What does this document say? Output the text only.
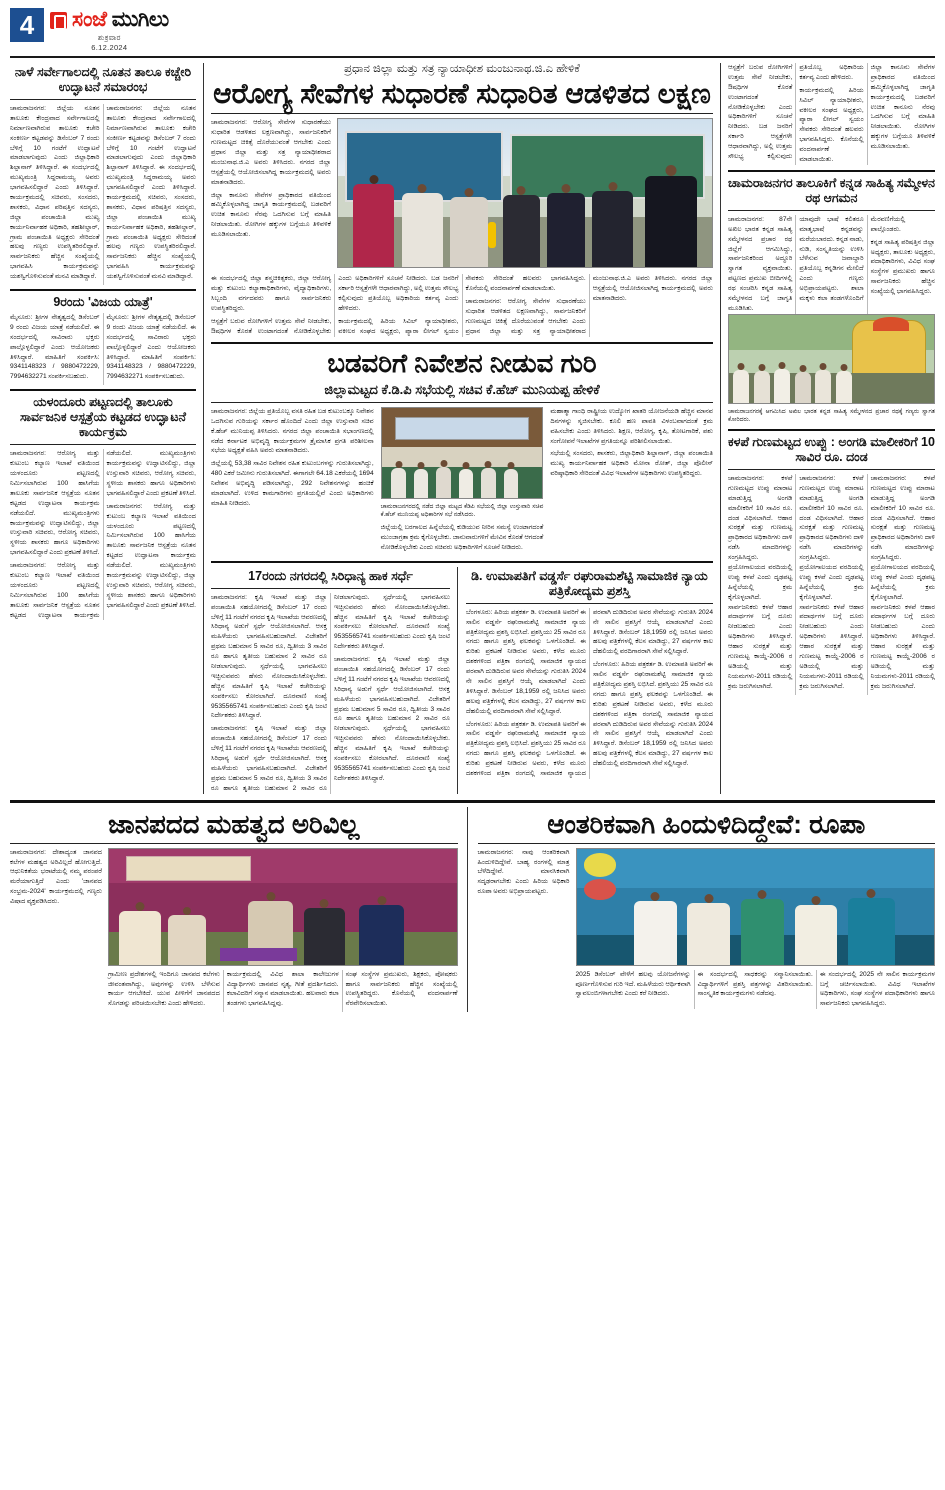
4	ಸಂಜೆ ಮುಗಿಲು
ಶುಕ್ರವಾರ
6.12.2024
ನಾಳೆ ಸರ್ವೇಗಾಲದಲ್ಲಿ ನೂತನ ತಾಲೂ ಕಚ್ಚೇರಿ ಉದ್ಘಾಟನೆ ಸಮಾರಂಭ

ಚಾಮರಾಜನಗರ: ಜಿಲ್ಲೆಯ ನೂತನ ತಾಲೂಕು ಕೇಂದ್ರವಾದ ಸರ್ವೇಗಾಲದಲ್ಲಿ ನಿರ್ಮಾಣವಾಗಿರುವ ತಾಲೂಕು ಕಚೇರಿ ಸಂಕೀರ್ಣ ಕಟ್ಟಡವನ್ನು ಡಿಸೆಂಬರ್ 7 ರಂದು ಬೆಳಿಗ್ಗೆ 10 ಗಂಟೆಗೆ ಉದ್ಘಾಟನೆ ಮಾಡಲಾಗುವುದು ಎಂದು ಜಿಲ್ಲಾಧಿಕಾರಿ ಶಿಲ್ಪಾನಾಗ್ ತಿಳಿಸಿದ್ದಾರೆ. ಈ ಸಂದರ್ಭದಲ್ಲಿ ಮುಖ್ಯಮಂತ್ರಿ ಸಿದ್ದರಾಮಯ್ಯ ಅವರು ಭಾಗವಹಿಸಲಿದ್ದಾರೆ ಎಂದು ತಿಳಿಸಿದ್ದಾರೆ. ಕಾರ್ಯಕ್ರಮದಲ್ಲಿ ಸಚಿವರು, ಸಂಸದರು, ಶಾಸಕರು, ವಿಧಾನ ಪರಿಷತ್ತಿನ ಸದಸ್ಯರು, ಜಿಲ್ಲಾ ಪಂಚಾಯಿತಿ ಮುಖ್ಯ ಕಾರ್ಯನಿರ್ವಾಹಕ ಅಧಿಕಾರಿ, ತಹಶೀಲ್ದಾರ್, ಗ್ರಾಮ ಪಂಚಾಯಿತಿ ಅಧ್ಯಕ್ಷರು ಸೇರಿದಂತೆ ಹಲವು ಗಣ್ಯರು ಉಪಸ್ಥಿತರಿರಲಿದ್ದಾರೆ. ಸಾರ್ವಜನಿಕರು ಹೆಚ್ಚಿನ ಸಂಖ್ಯೆಯಲ್ಲಿ ಭಾಗವಹಿಸಿ ಕಾರ್ಯಕ್ರಮವನ್ನು ಯಶಸ್ವಿಗೊಳಿಸುವಂತೆ ಮನವಿ ಮಾಡಿದ್ದಾರೆ.

ಚಾಮರಾಜನಗರ: ಜಿಲ್ಲೆಯ ನೂತನ ತಾಲೂಕು ಕೇಂದ್ರವಾದ ಸರ್ವೇಗಾಲದಲ್ಲಿ ನಿರ್ಮಾಣವಾಗಿರುವ ತಾಲೂಕು ಕಚೇರಿ ಸಂಕೀರ್ಣ ಕಟ್ಟಡವನ್ನು ಡಿಸೆಂಬರ್ 7 ರಂದು ಬೆಳಿಗ್ಗೆ 10 ಗಂಟೆಗೆ ಉದ್ಘಾಟನೆ ಮಾಡಲಾಗುವುದು ಎಂದು ಜಿಲ್ಲಾಧಿಕಾರಿ ಶಿಲ್ಪಾನಾಗ್ ತಿಳಿಸಿದ್ದಾರೆ. ಈ ಸಂದರ್ಭದಲ್ಲಿ ಮುಖ್ಯಮಂತ್ರಿ ಸಿದ್ದರಾಮಯ್ಯ ಅವರು ಭಾಗವಹಿಸಲಿದ್ದಾರೆ ಎಂದು ತಿಳಿಸಿದ್ದಾರೆ. ಕಾರ್ಯಕ್ರಮದಲ್ಲಿ ಸಚಿವರು, ಸಂಸದರು, ಶಾಸಕರು, ವಿಧಾನ ಪರಿಷತ್ತಿನ ಸದಸ್ಯರು, ಜಿಲ್ಲಾ ಪಂಚಾಯಿತಿ ಮುಖ್ಯ ಕಾರ್ಯನಿರ್ವಾಹಕ ಅಧಿಕಾರಿ, ತಹಶೀಲ್ದಾರ್, ಗ್ರಾಮ ಪಂಚಾಯಿತಿ ಅಧ್ಯಕ್ಷರು ಸೇರಿದಂತೆ ಹಲವು ಗಣ್ಯರು ಉಪಸ್ಥಿತರಿರಲಿದ್ದಾರೆ. ಸಾರ್ವಜನಿಕರು ಹೆಚ್ಚಿನ ಸಂಖ್ಯೆಯಲ್ಲಿ ಭಾಗವಹಿಸಿ ಕಾರ್ಯಕ್ರಮವನ್ನು ಯಶಸ್ವಿಗೊಳಿಸುವಂತೆ ಮನವಿ ಮಾಡಿದ್ದಾರೆ.

9ರಂದು 'ವಿಜಯ ಯಾತ್ರೆ'

ಮೈಸೂರು: ಶ್ರೀಗಳ ನೇತೃತ್ವದಲ್ಲಿ ಡಿಸೆಂಬರ್ 9 ರಂದು ವಿಜಯ ಯಾತ್ರೆ ನಡೆಯಲಿದೆ. ಈ ಸಂದರ್ಭದಲ್ಲಿ ಸಾವಿರಾರು ಭಕ್ತರು ಪಾಲ್ಗೊಳ್ಳಲಿದ್ದಾರೆ ಎಂದು ಆಯೋಜಕರು ತಿಳಿಸಿದ್ದಾರೆ. ಮಾಹಿತಿಗೆ ಸಂಪರ್ಕಿಸಿ: 9341148323 / 9880472229, 7994632271 ಸಂಪರ್ಕಿಸಬಹುದು.

ಮೈಸೂರು: ಶ್ರೀಗಳ ನೇತೃತ್ವದಲ್ಲಿ ಡಿಸೆಂಬರ್ 9 ರಂದು ವಿಜಯ ಯಾತ್ರೆ ನಡೆಯಲಿದೆ. ಈ ಸಂದರ್ಭದಲ್ಲಿ ಸಾವಿರಾರು ಭಕ್ತರು ಪಾಲ್ಗೊಳ್ಳಲಿದ್ದಾರೆ ಎಂದು ಆಯೋಜಕರು ತಿಳಿಸಿದ್ದಾರೆ. ಮಾಹಿತಿಗೆ ಸಂಪರ್ಕಿಸಿ: 9341148323 / 9880472229, 7994632271 ಸಂಪರ್ಕಿಸಬಹುದು.

ಯಳಂದೂರು ಪಟ್ಟಣದಲ್ಲಿ ತಾಲೂಕು ಸಾರ್ವಜನಿಕ ಆಸ್ಪತ್ರೆಯ ಕಟ್ಟಡದ ಉದ್ಘಾಟನೆ ಕಾರ್ಯಕ್ರಮ

ಚಾಮರಾಜನಗರ: ಆರೋಗ್ಯ ಮತ್ತು ಕುಟುಂಬ ಕಲ್ಯಾಣ ಇಲಾಖೆ ವತಿಯಿಂದ ಯಳಂದೂರು ಪಟ್ಟಣದಲ್ಲಿ ನಿರ್ಮಿಸಲಾಗಿರುವ 100 ಹಾಸಿಗೆಯ ತಾಲೂಕು ಸಾರ್ವಜನಿಕ ಆಸ್ಪತ್ರೆಯ ನೂತನ ಕಟ್ಟಡದ ಉದ್ಘಾಟನಾ ಕಾರ್ಯಕ್ರಮ ನಡೆಯಲಿದೆ. ಮುಖ್ಯಮಂತ್ರಿಗಳು ಕಾರ್ಯಕ್ರಮವನ್ನು ಉದ್ಘಾಟಿಸಲಿದ್ದು, ಜಿಲ್ಲಾ ಉಸ್ತುವಾರಿ ಸಚಿವರು, ಆರೋಗ್ಯ ಸಚಿವರು, ಸ್ಥಳೀಯ ಶಾಸಕರು ಹಾಗೂ ಅಧಿಕಾರಿಗಳು ಭಾಗವಹಿಸಲಿದ್ದಾರೆ ಎಂದು ಪ್ರಕಟಣೆ ತಿಳಿಸಿದೆ.

ಚಾಮರಾಜನಗರ: ಆರೋಗ್ಯ ಮತ್ತು ಕುಟುಂಬ ಕಲ್ಯಾಣ ಇಲಾಖೆ ವತಿಯಿಂದ ಯಳಂದೂರು ಪಟ್ಟಣದಲ್ಲಿ ನಿರ್ಮಿಸಲಾಗಿರುವ 100 ಹಾಸಿಗೆಯ ತಾಲೂಕು ಸಾರ್ವಜನಿಕ ಆಸ್ಪತ್ರೆಯ ನೂತನ ಕಟ್ಟಡದ ಉದ್ಘಾಟನಾ ಕಾರ್ಯಕ್ರಮ ನಡೆಯಲಿದೆ. ಮುಖ್ಯಮಂತ್ರಿಗಳು ಕಾರ್ಯಕ್ರಮವನ್ನು ಉದ್ಘಾಟಿಸಲಿದ್ದು, ಜಿಲ್ಲಾ ಉಸ್ತುವಾರಿ ಸಚಿವರು, ಆರೋಗ್ಯ ಸಚಿವರು, ಸ್ಥಳೀಯ ಶಾಸಕರು ಹಾಗೂ ಅಧಿಕಾರಿಗಳು ಭಾಗವಹಿಸಲಿದ್ದಾರೆ ಎಂದು ಪ್ರಕಟಣೆ ತಿಳಿಸಿದೆ.

ಚಾಮರಾಜನಗರ: ಆರೋಗ್ಯ ಮತ್ತು ಕುಟುಂಬ ಕಲ್ಯಾಣ ಇಲಾಖೆ ವತಿಯಿಂದ ಯಳಂದೂರು ಪಟ್ಟಣದಲ್ಲಿ ನಿರ್ಮಿಸಲಾಗಿರುವ 100 ಹಾಸಿಗೆಯ ತಾಲೂಕು ಸಾರ್ವಜನಿಕ ಆಸ್ಪತ್ರೆಯ ನೂತನ ಕಟ್ಟಡದ ಉದ್ಘಾಟನಾ ಕಾರ್ಯಕ್ರಮ ನಡೆಯಲಿದೆ. ಮುಖ್ಯಮಂತ್ರಿಗಳು ಕಾರ್ಯಕ್ರಮವನ್ನು ಉದ್ಘಾಟಿಸಲಿದ್ದು, ಜಿಲ್ಲಾ ಉಸ್ತುವಾರಿ ಸಚಿವರು, ಆರೋಗ್ಯ ಸಚಿವರು, ಸ್ಥಳೀಯ ಶಾಸಕರು ಹಾಗೂ ಅಧಿಕಾರಿಗಳು ಭಾಗವಹಿಸಲಿದ್ದಾರೆ ಎಂದು ಪ್ರಕಟಣೆ ತಿಳಿಸಿದೆ.

ಪ್ರಧಾನ ಜಿಲ್ಲಾ ಮತ್ತು ಸತ್ರ ನ್ಯಾಯಾಧೀಶ ಮಂಜುನಾಥ.ಜಿ.ಎ ಹೇಳಿಕೆ
ಆರೋಗ್ಯ ಸೇವೆಗಳ ಸುಧಾರಣೆ ಸುಧಾರಿತ ಆಡಳಿತದ ಲಕ್ಷಣ

ಚಾಮರಾಜನಗರ: ಆರೋಗ್ಯ ಸೇವೆಗಳ ಸುಧಾರಣೆಯು ಸುಧಾರಿತ ಆಡಳಿತದ ಲಕ್ಷಣವಾಗಿದ್ದು, ಸಾರ್ವಜನಿಕರಿಗೆ ಗುಣಮಟ್ಟದ ಚಿಕಿತ್ಸೆ ದೊರೆಯುವಂತೆ ಆಗಬೇಕು ಎಂದು ಪ್ರಧಾನ ಜಿಲ್ಲಾ ಮತ್ತು ಸತ್ರ ನ್ಯಾಯಾಧೀಶರಾದ ಮಂಜುನಾಥ.ಜಿ.ಎ ಅವರು ತಿಳಿಸಿದರು. ನಗರದ ಜಿಲ್ಲಾ ಆಸ್ಪತ್ರೆಯಲ್ಲಿ ಆಯೋಜಿಸಲಾಗಿದ್ದ ಕಾರ್ಯಕ್ರಮದಲ್ಲಿ ಅವರು ಮಾತನಾಡಿದರು.

ಜಿಲ್ಲಾ ಕಾನೂನು ಸೇವೆಗಳ ಪ್ರಾಧಿಕಾರದ ವತಿಯಿಂದ ಹಮ್ಮಿಕೊಳ್ಳಲಾಗಿದ್ದ ಜಾಗೃತಿ ಕಾರ್ಯಕ್ರಮದಲ್ಲಿ ಬಡವರಿಗೆ ಉಚಿತ ಕಾನೂನು ನೆರವು ಒದಗಿಸುವ ಬಗ್ಗೆ ಮಾಹಿತಿ ನೀಡಲಾಯಿತು. ರೋಗಿಗಳ ಹಕ್ಕುಗಳ ಬಗ್ಗೆಯೂ ತಿಳಿವಳಿಕೆ ಮೂಡಿಸಲಾಯಿತು.

ಈ ಸಂದರ್ಭದಲ್ಲಿ ಜಿಲ್ಲಾ ಶಸ್ತ್ರಚಿಕಿತ್ಸಕರು, ಜಿಲ್ಲಾ ಆರೋಗ್ಯ ಮತ್ತು ಕುಟುಂಬ ಕಲ್ಯಾಣಾಧಿಕಾರಿಗಳು, ವೈದ್ಯಾಧಿಕಾರಿಗಳು, ಸಿಬ್ಬಂದಿ ವರ್ಗದವರು ಹಾಗೂ ಸಾರ್ವಜನಿಕರು ಉಪಸ್ಥಿತರಿದ್ದರು.

ಆಸ್ಪತ್ರೆಗೆ ಬರುವ ರೋಗಿಗಳಿಗೆ ಉತ್ತಮ ಸೇವೆ ನೀಡಬೇಕು, ಔಷಧಿಗಳ ಕೊರತೆ ಉಂಟಾಗದಂತೆ ನೋಡಿಕೊಳ್ಳಬೇಕು ಎಂದು ಅಧಿಕಾರಿಗಳಿಗೆ ಸೂಚನೆ ನೀಡಿದರು. ಬಡ ಜನರಿಗೆ ಸರ್ಕಾರಿ ಆಸ್ಪತ್ರೆಗಳೇ ಆಧಾರವಾಗಿದ್ದು, ಅಲ್ಲಿ ಉತ್ತಮ ಸೌಲಭ್ಯ ಕಲ್ಪಿಸುವುದು ಪ್ರತಿಯೊಬ್ಬ ಅಧಿಕಾರಿಯ ಕರ್ತವ್ಯ ಎಂದು ಹೇಳಿದರು.

ಕಾರ್ಯಕ್ರಮದಲ್ಲಿ ಹಿರಿಯ ಸಿವಿಲ್ ನ್ಯಾಯಾಧೀಶರು, ವಕೀಲರ ಸಂಘದ ಅಧ್ಯಕ್ಷರು, ಪ್ಯಾರಾ ಲೀಗಲ್ ಸ್ವಯಂ ಸೇವಕರು ಸೇರಿದಂತೆ ಹಲವರು ಭಾಗವಹಿಸಿದ್ದರು. ಕೊನೆಯಲ್ಲಿ ವಂದನಾರ್ಪಣೆ ಮಾಡಲಾಯಿತು.

ಚಾಮರಾಜನಗರ: ಆರೋಗ್ಯ ಸೇವೆಗಳ ಸುಧಾರಣೆಯು ಸುಧಾರಿತ ಆಡಳಿತದ ಲಕ್ಷಣವಾಗಿದ್ದು, ಸಾರ್ವಜನಿಕರಿಗೆ ಗುಣಮಟ್ಟದ ಚಿಕಿತ್ಸೆ ದೊರೆಯುವಂತೆ ಆಗಬೇಕು ಎಂದು ಪ್ರಧಾನ ಜಿಲ್ಲಾ ಮತ್ತು ಸತ್ರ ನ್ಯಾಯಾಧೀಶರಾದ ಮಂಜುನಾಥ.ಜಿ.ಎ ಅವರು ತಿಳಿಸಿದರು. ನಗರದ ಜಿಲ್ಲಾ ಆಸ್ಪತ್ರೆಯಲ್ಲಿ ಆಯೋಜಿಸಲಾಗಿದ್ದ ಕಾರ್ಯಕ್ರಮದಲ್ಲಿ ಅವರು ಮಾತನಾಡಿದರು.

ಬಡವರಿಗೆ ನಿವೇಶನ ನೀಡುವ ಗುರಿ
ಜಿಲ್ಲಾಮಟ್ಟದ ಕೆ.ಡಿ.ಪಿ ಸಭೆಯಲ್ಲಿ ಸಚಿವ ಕೆ.ಹೆಚ್ ಮುನಿಯಪ್ಪ ಹೇಳಿಕೆ

ಚಾಮರಾಜನಗರ: ಜಿಲ್ಲೆಯ ಪ್ರತಿಯೊಬ್ಬ ವಸತಿ ರಹಿತ ಬಡ ಕುಟುಂಬಕ್ಕೂ ನಿವೇಶನ ಒದಗಿಸುವ ಗುರಿಯನ್ನು ಸರ್ಕಾರ ಹೊಂದಿದೆ ಎಂದು ಜಿಲ್ಲಾ ಉಸ್ತುವಾರಿ ಸಚಿವ ಕೆ.ಹೆಚ್ ಮುನಿಯಪ್ಪ ತಿಳಿಸಿದರು. ನಗರದ ಜಿಲ್ಲಾ ಪಂಚಾಯಿತಿ ಸಭಾಂಗಣದಲ್ಲಿ ನಡೆದ ಕರ್ನಾಟಕ ಅಭಿವೃದ್ಧಿ ಕಾರ್ಯಕ್ರಮಗಳ ತ್ರೈಮಾಸಿಕ ಪ್ರಗತಿ ಪರಿಶೀಲನಾ ಸಭೆಯ ಅಧ್ಯಕ್ಷತೆ ವಹಿಸಿ ಅವರು ಮಾತನಾಡಿದರು.

ಜಿಲ್ಲೆಯಲ್ಲಿ 53,38 ಸಾವಿರ ನಿವೇಶನ ರಹಿತ ಕುಟುಂಬಗಳನ್ನು ಗುರುತಿಸಲಾಗಿದ್ದು, 480 ಎಕರೆ ಜಮೀನು ಗುರುತಿಸಲಾಗಿದೆ. ಈಗಾಗಲೇ 64.18 ಎಕರೆಯಲ್ಲಿ 1694 ನಿವೇಶನ ಅಭಿವೃದ್ಧಿ ಪಡಿಸಲಾಗಿದ್ದು, 292 ನಿವೇಶನಗಳನ್ನು ಹಂಚಿಕೆ ಮಾಡಲಾಗಿದೆ. ಉಳಿದ ಕಾಮಗಾರಿಗಳು ಪ್ರಗತಿಯಲ್ಲಿವೆ ಎಂದು ಅಧಿಕಾರಿಗಳು ಮಾಹಿತಿ ನೀಡಿದರು.	ಚಾಮರಾಜನಗರದಲ್ಲಿ ನಡೆದ ಜಿಲ್ಲಾ ಮಟ್ಟದ ಕೆಡಿಪಿ ಸಭೆಯಲ್ಲಿ ಜಿಲ್ಲಾ ಉಸ್ತುವಾರಿ ಸಚಿವ ಕೆ.ಹೆಚ್ ಮುನಿಯಪ್ಪ ಅಧಿಕಾರಿಗಳ ಸಭೆ ನಡೆಸಿದರು.

ಜಿಲ್ಲೆಯಲ್ಲಿ ಬರಗಾಲದ ಹಿನ್ನೆಲೆಯಲ್ಲಿ ಕುಡಿಯುವ ನೀರಿನ ಸಮಸ್ಯೆ ಉಂಟಾಗದಂತೆ ಮುಂಜಾಗ್ರತಾ ಕ್ರಮ ಕೈಗೊಳ್ಳಬೇಕು. ಜಾನುವಾರುಗಳಿಗೆ ಮೇವಿನ ಕೊರತೆ ಆಗದಂತೆ ನೋಡಿಕೊಳ್ಳಬೇಕು ಎಂದು ಸಚಿವರು ಅಧಿಕಾರಿಗಳಿಗೆ ಸೂಚನೆ ನೀಡಿದರು.

ಮಹಾತ್ಮಾ ಗಾಂಧಿ ರಾಷ್ಟ್ರೀಯ ಉದ್ಯೋಗ ಖಾತರಿ ಯೋಜನೆಯಡಿ ಹೆಚ್ಚಿನ ಮಾನವ ದಿನಗಳನ್ನು ಸೃಜಿಸಬೇಕು. ಕೂಲಿ ಹಣ ಪಾವತಿ ವಿಳಂಬವಾಗದಂತೆ ಕ್ರಮ ವಹಿಸಬೇಕು ಎಂದು ತಿಳಿಸಿದರು. ಶಿಕ್ಷಣ, ಆರೋಗ್ಯ, ಕೃಷಿ, ತೋಟಗಾರಿಕೆ, ಪಶು ಸಂಗೋಪನೆ ಇಲಾಖೆಗಳ ಪ್ರಗತಿಯನ್ನೂ ಪರಿಶೀಲಿಸಲಾಯಿತು.

ಸಭೆಯಲ್ಲಿ ಸಂಸದರು, ಶಾಸಕರು, ಜಿಲ್ಲಾಧಿಕಾರಿ ಶಿಲ್ಪಾನಾಗ್, ಜಿಲ್ಲಾ ಪಂಚಾಯಿತಿ ಮುಖ್ಯ ಕಾರ್ಯನಿರ್ವಾಹಕ ಅಧಿಕಾರಿ ಮೋನಾ ರೋತ್, ಜಿಲ್ಲಾ ಪೊಲೀಸ್ ವರಿಷ್ಠಾಧಿಕಾರಿ ಸೇರಿದಂತೆ ವಿವಿಧ ಇಲಾಖೆಗಳ ಅಧಿಕಾರಿಗಳು ಉಪಸ್ಥಿತರಿದ್ದರು.

17ರಂದು ನಗರದಲ್ಲಿ ಸಿರಿಧಾನ್ಯ ಹಾಕ ಸರ್ಧೆ

ಚಾಮರಾಜನಗರ: ಕೃಷಿ ಇಲಾಖೆ ಮತ್ತು ಜಿಲ್ಲಾ ಪಂಚಾಯಿತಿ ಸಹಯೋಗದಲ್ಲಿ ಡಿಸೆಂಬರ್ 17 ರಂದು ಬೆಳಿಗ್ಗೆ 11 ಗಂಟೆಗೆ ನಗರದ ಕೃಷಿ ಇಲಾಖೆಯ ಆವರಣದಲ್ಲಿ ಸಿರಿಧಾನ್ಯ ಅಡುಗೆ ಸ್ಪರ್ಧೆ ಆಯೋಜಿಸಲಾಗಿದೆ. ಆಸಕ್ತ ಮಹಿಳೆಯರು ಭಾಗವಹಿಸಬಹುದಾಗಿದೆ. ವಿಜೇತರಿಗೆ ಪ್ರಥಮ ಬಹುಮಾನ 5 ಸಾವಿರ ರೂ, ದ್ವಿತೀಯ 3 ಸಾವಿರ ರೂ ಹಾಗೂ ತೃತೀಯ ಬಹುಮಾನ 2 ಸಾವಿರ ರೂ ನೀಡಲಾಗುವುದು. ಸ್ಪರ್ಧೆಯಲ್ಲಿ ಭಾಗವಹಿಸಲು ಇಚ್ಛಿಸುವವರು ಹೆಸರು ನೋಂದಾಯಿಸಿಕೊಳ್ಳಬೇಕು. ಹೆಚ್ಚಿನ ಮಾಹಿತಿಗೆ ಕೃಷಿ ಇಲಾಖೆ ಕಚೇರಿಯನ್ನು ಸಂಪರ್ಕಿಸಲು ಕೋರಲಾಗಿದೆ. ದೂರವಾಣಿ ಸಂಖ್ಯೆ 9535565741 ಸಂಪರ್ಕಿಸಬಹುದು ಎಂದು ಕೃಷಿ ಜಂಟಿ ನಿರ್ದೇಶಕರು ತಿಳಿಸಿದ್ದಾರೆ.

ಚಾಮರಾಜನಗರ: ಕೃಷಿ ಇಲಾಖೆ ಮತ್ತು ಜಿಲ್ಲಾ ಪಂಚಾಯಿತಿ ಸಹಯೋಗದಲ್ಲಿ ಡಿಸೆಂಬರ್ 17 ರಂದು ಬೆಳಿಗ್ಗೆ 11 ಗಂಟೆಗೆ ನಗರದ ಕೃಷಿ ಇಲಾಖೆಯ ಆವರಣದಲ್ಲಿ ಸಿರಿಧಾನ್ಯ ಅಡುಗೆ ಸ್ಪರ್ಧೆ ಆಯೋಜಿಸಲಾಗಿದೆ. ಆಸಕ್ತ ಮಹಿಳೆಯರು ಭಾಗವಹಿಸಬಹುದಾಗಿದೆ. ವಿಜೇತರಿಗೆ ಪ್ರಥಮ ಬಹುಮಾನ 5 ಸಾವಿರ ರೂ, ದ್ವಿತೀಯ 3 ಸಾವಿರ ರೂ ಹಾಗೂ ತೃತೀಯ ಬಹುಮಾನ 2 ಸಾವಿರ ರೂ ನೀಡಲಾಗುವುದು. ಸ್ಪರ್ಧೆಯಲ್ಲಿ ಭಾಗವಹಿಸಲು ಇಚ್ಛಿಸುವವರು ಹೆಸರು ನೋಂದಾಯಿಸಿಕೊಳ್ಳಬೇಕು. ಹೆಚ್ಚಿನ ಮಾಹಿತಿಗೆ ಕೃಷಿ ಇಲಾಖೆ ಕಚೇರಿಯನ್ನು ಸಂಪರ್ಕಿಸಲು ಕೋರಲಾಗಿದೆ. ದೂರವಾಣಿ ಸಂಖ್ಯೆ 9535565741 ಸಂಪರ್ಕಿಸಬಹುದು ಎಂದು ಕೃಷಿ ಜಂಟಿ ನಿರ್ದೇಶಕರು ತಿಳಿಸಿದ್ದಾರೆ.

ಚಾಮರಾಜನಗರ: ಕೃಷಿ ಇಲಾಖೆ ಮತ್ತು ಜಿಲ್ಲಾ ಪಂಚಾಯಿತಿ ಸಹಯೋಗದಲ್ಲಿ ಡಿಸೆಂಬರ್ 17 ರಂದು ಬೆಳಿಗ್ಗೆ 11 ಗಂಟೆಗೆ ನಗರದ ಕೃಷಿ ಇಲಾಖೆಯ ಆವರಣದಲ್ಲಿ ಸಿರಿಧಾನ್ಯ ಅಡುಗೆ ಸ್ಪರ್ಧೆ ಆಯೋಜಿಸಲಾಗಿದೆ. ಆಸಕ್ತ ಮಹಿಳೆಯರು ಭಾಗವಹಿಸಬಹುದಾಗಿದೆ. ವಿಜೇತರಿಗೆ ಪ್ರಥಮ ಬಹುಮಾನ 5 ಸಾವಿರ ರೂ, ದ್ವಿತೀಯ 3 ಸಾವಿರ ರೂ ಹಾಗೂ ತೃತೀಯ ಬಹುಮಾನ 2 ಸಾವಿರ ರೂ ನೀಡಲಾಗುವುದು. ಸ್ಪರ್ಧೆಯಲ್ಲಿ ಭಾಗವಹಿಸಲು ಇಚ್ಛಿಸುವವರು ಹೆಸರು ನೋಂದಾಯಿಸಿಕೊಳ್ಳಬೇಕು. ಹೆಚ್ಚಿನ ಮಾಹಿತಿಗೆ ಕೃಷಿ ಇಲಾಖೆ ಕಚೇರಿಯನ್ನು ಸಂಪರ್ಕಿಸಲು ಕೋರಲಾಗಿದೆ. ದೂರವಾಣಿ ಸಂಖ್ಯೆ 9535565741 ಸಂಪರ್ಕಿಸಬಹುದು ಎಂದು ಕೃಷಿ ಜಂಟಿ ನಿರ್ದೇಶಕರು ತಿಳಿಸಿದ್ದಾರೆ.

ಡಿ. ಉಮಾಪತಿಗೆ ವಡ್ಡರ್ಸೆ ರಘುರಾಮಶೆಟ್ಟಿ ಸಾಮಾಜಿಕ ನ್ಯಾಯ ಪತ್ರಿಕೋದ್ಯಮ ಪ್ರಶಸ್ತಿ

ಬೆಂಗಳೂರು: ಹಿರಿಯ ಪತ್ರಕರ್ತ ಡಿ. ಉಮಾಪತಿ ಅವರಿಗೆ ಈ ಸಾಲಿನ ವಡ್ಡರ್ಸೆ ರಘುರಾಮಶೆಟ್ಟಿ ಸಾಮಾಜಿಕ ನ್ಯಾಯ ಪತ್ರಿಕೋದ್ಯಮ ಪ್ರಶಸ್ತಿ ಲಭಿಸಿದೆ. ಪ್ರಶಸ್ತಿಯು 25 ಸಾವಿರ ರೂ ನಗದು ಹಾಗೂ ಪ್ರಶಸ್ತಿ ಫಲಕವನ್ನು ಒಳಗೊಂಡಿದೆ. ಈ ಕುರಿತು ಪ್ರಕಟಣೆ ನೀಡಿರುವ ಅವರು, ಕಳೆದ ಮೂರು ದಶಕಗಳಿಂದ ಪತ್ರಿಕಾ ರಂಗದಲ್ಲಿ ಸಾಮಾಜಿಕ ನ್ಯಾಯದ ಪರವಾಗಿ ದುಡಿದಿರುವ ಅವರ ಸೇವೆಯನ್ನು ಗುರುತಿಸಿ 2024 ನೇ ಸಾಲಿನ ಪ್ರಶಸ್ತಿಗೆ ಆಯ್ಕೆ ಮಾಡಲಾಗಿದೆ ಎಂದು ತಿಳಿಸಿದ್ದಾರೆ. ಡಿಸೆಂಬರ್ 18,1959 ರಲ್ಲಿ ಜನಿಸಿದ ಅವರು ಹಲವು ಪತ್ರಿಕೆಗಳಲ್ಲಿ ಕೆಲಸ ಮಾಡಿದ್ದು, 27 ವರ್ಷಗಳ ಕಾಲ ದೆಹಲಿಯಲ್ಲಿ ವರದಿಗಾರರಾಗಿ ಸೇವೆ ಸಲ್ಲಿಸಿದ್ದಾರೆ.

ಬೆಂಗಳೂರು: ಹಿರಿಯ ಪತ್ರಕರ್ತ ಡಿ. ಉಮಾಪತಿ ಅವರಿಗೆ ಈ ಸಾಲಿನ ವಡ್ಡರ್ಸೆ ರಘುರಾಮಶೆಟ್ಟಿ ಸಾಮಾಜಿಕ ನ್ಯಾಯ ಪತ್ರಿಕೋದ್ಯಮ ಪ್ರಶಸ್ತಿ ಲಭಿಸಿದೆ. ಪ್ರಶಸ್ತಿಯು 25 ಸಾವಿರ ರೂ ನಗದು ಹಾಗೂ ಪ್ರಶಸ್ತಿ ಫಲಕವನ್ನು ಒಳಗೊಂಡಿದೆ. ಈ ಕುರಿತು ಪ್ರಕಟಣೆ ನೀಡಿರುವ ಅವರು, ಕಳೆದ ಮೂರು ದಶಕಗಳಿಂದ ಪತ್ರಿಕಾ ರಂಗದಲ್ಲಿ ಸಾಮಾಜಿಕ ನ್ಯಾಯದ ಪರವಾಗಿ ದುಡಿದಿರುವ ಅವರ ಸೇವೆಯನ್ನು ಗುರುತಿಸಿ 2024 ನೇ ಸಾಲಿನ ಪ್ರಶಸ್ತಿಗೆ ಆಯ್ಕೆ ಮಾಡಲಾಗಿದೆ ಎಂದು ತಿಳಿಸಿದ್ದಾರೆ. ಡಿಸೆಂಬರ್ 18,1959 ರಲ್ಲಿ ಜನಿಸಿದ ಅವರು ಹಲವು ಪತ್ರಿಕೆಗಳಲ್ಲಿ ಕೆಲಸ ಮಾಡಿದ್ದು, 27 ವರ್ಷಗಳ ಕಾಲ ದೆಹಲಿಯಲ್ಲಿ ವರದಿಗಾರರಾಗಿ ಸೇವೆ ಸಲ್ಲಿಸಿದ್ದಾರೆ.

ಬೆಂಗಳೂರು: ಹಿರಿಯ ಪತ್ರಕರ್ತ ಡಿ. ಉಮಾಪತಿ ಅವರಿಗೆ ಈ ಸಾಲಿನ ವಡ್ಡರ್ಸೆ ರಘುರಾಮಶೆಟ್ಟಿ ಸಾಮಾಜಿಕ ನ್ಯಾಯ ಪತ್ರಿಕೋದ್ಯಮ ಪ್ರಶಸ್ತಿ ಲಭಿಸಿದೆ. ಪ್ರಶಸ್ತಿಯು 25 ಸಾವಿರ ರೂ ನಗದು ಹಾಗೂ ಪ್ರಶಸ್ತಿ ಫಲಕವನ್ನು ಒಳಗೊಂಡಿದೆ. ಈ ಕುರಿತು ಪ್ರಕಟಣೆ ನೀಡಿರುವ ಅವರು, ಕಳೆದ ಮೂರು ದಶಕಗಳಿಂದ ಪತ್ರಿಕಾ ರಂಗದಲ್ಲಿ ಸಾಮಾಜಿಕ ನ್ಯಾಯದ ಪರವಾಗಿ ದುಡಿದಿರುವ ಅವರ ಸೇವೆಯನ್ನು ಗುರುತಿಸಿ 2024 ನೇ ಸಾಲಿನ ಪ್ರಶಸ್ತಿಗೆ ಆಯ್ಕೆ ಮಾಡಲಾಗಿದೆ ಎಂದು ತಿಳಿಸಿದ್ದಾರೆ. ಡಿಸೆಂಬರ್ 18,1959 ರಲ್ಲಿ ಜನಿಸಿದ ಅವರು ಹಲವು ಪತ್ರಿಕೆಗಳಲ್ಲಿ ಕೆಲಸ ಮಾಡಿದ್ದು, 27 ವರ್ಷಗಳ ಕಾಲ ದೆಹಲಿಯಲ್ಲಿ ವರದಿಗಾರರಾಗಿ ಸೇವೆ ಸಲ್ಲಿಸಿದ್ದಾರೆ.

ಆಸ್ಪತ್ರೆಗೆ ಬರುವ ರೋಗಿಗಳಿಗೆ ಉತ್ತಮ ಸೇವೆ ನೀಡಬೇಕು, ಔಷಧಿಗಳ ಕೊರತೆ ಉಂಟಾಗದಂತೆ ನೋಡಿಕೊಳ್ಳಬೇಕು ಎಂದು ಅಧಿಕಾರಿಗಳಿಗೆ ಸೂಚನೆ ನೀಡಿದರು. ಬಡ ಜನರಿಗೆ ಸರ್ಕಾರಿ ಆಸ್ಪತ್ರೆಗಳೇ ಆಧಾರವಾಗಿದ್ದು, ಅಲ್ಲಿ ಉತ್ತಮ ಸೌಲಭ್ಯ ಕಲ್ಪಿಸುವುದು ಪ್ರತಿಯೊಬ್ಬ ಅಧಿಕಾರಿಯ ಕರ್ತವ್ಯ ಎಂದು ಹೇಳಿದರು.

ಕಾರ್ಯಕ್ರಮದಲ್ಲಿ ಹಿರಿಯ ಸಿವಿಲ್ ನ್ಯಾಯಾಧೀಶರು, ವಕೀಲರ ಸಂಘದ ಅಧ್ಯಕ್ಷರು, ಪ್ಯಾರಾ ಲೀಗಲ್ ಸ್ವಯಂ ಸೇವಕರು ಸೇರಿದಂತೆ ಹಲವರು ಭಾಗವಹಿಸಿದ್ದರು. ಕೊನೆಯಲ್ಲಿ ವಂದನಾರ್ಪಣೆ ಮಾಡಲಾಯಿತು.

ಜಿಲ್ಲಾ ಕಾನೂನು ಸೇವೆಗಳ ಪ್ರಾಧಿಕಾರದ ವತಿಯಿಂದ ಹಮ್ಮಿಕೊಳ್ಳಲಾಗಿದ್ದ ಜಾಗೃತಿ ಕಾರ್ಯಕ್ರಮದಲ್ಲಿ ಬಡವರಿಗೆ ಉಚಿತ ಕಾನೂನು ನೆರವು ಒದಗಿಸುವ ಬಗ್ಗೆ ಮಾಹಿತಿ ನೀಡಲಾಯಿತು. ರೋಗಿಗಳ ಹಕ್ಕುಗಳ ಬಗ್ಗೆಯೂ ತಿಳಿವಳಿಕೆ ಮೂಡಿಸಲಾಯಿತು.

ಚಾಮರಾಜನಗರ ತಾಲೂಕಿಗೆ ಕನ್ನಡ ಸಾಹಿತ್ಯ ಸಮ್ಮೇಳನ ರಥ ಆಗಮನ

ಚಾಮರಾಜನಗರ: 87ನೇ ಅಖಿಲ ಭಾರತ ಕನ್ನಡ ಸಾಹಿತ್ಯ ಸಮ್ಮೇಳನದ ಪ್ರಚಾರ ರಥ ಜಿಲ್ಲೆಗೆ ಆಗಮಿಸಿದ್ದು, ಸಾರ್ವಜನಿಕರಿಂದ ಅದ್ಧೂರಿ ಸ್ವಾಗತ ವ್ಯಕ್ತವಾಯಿತು. ಪಟ್ಟಣದ ಪ್ರಮುಖ ಬೀದಿಗಳಲ್ಲಿ ರಥ ಸಂಚರಿಸಿ ಕನ್ನಡ ಸಾಹಿತ್ಯ ಸಮ್ಮೇಳನದ ಬಗ್ಗೆ ಜಾಗೃತಿ ಮೂಡಿಸಿತು.

ಯಾವುದೇ ಭಾಷೆ ಕಲಿತರೂ ಮಾತೃಭಾಷೆ ಕನ್ನಡವನ್ನು ಮರೆಯಬಾರದು. ಕನ್ನಡ ನಾಡು, ನುಡಿ, ಸಂಸ್ಕೃತಿಯನ್ನು ಉಳಿಸಿ ಬೆಳೆಸುವ ಜವಾಬ್ದಾರಿ ಪ್ರತಿಯೊಬ್ಬ ಕನ್ನಡಿಗನ ಮೇಲಿದೆ ಎಂದು ಗಣ್ಯರು ಅಭಿಪ್ರಾಯಪಟ್ಟರು. ಶಾಲಾ ಮಕ್ಕಳು ಕಲಾ ತಂಡಗಳೊಂದಿಗೆ ಮೆರವಣಿಗೆಯಲ್ಲಿ ಪಾಲ್ಗೊಂಡರು.

ಕನ್ನಡ ಸಾಹಿತ್ಯ ಪರಿಷತ್ತಿನ ಜಿಲ್ಲಾ ಅಧ್ಯಕ್ಷರು, ತಾಲೂಕು ಅಧ್ಯಕ್ಷರು, ಪದಾಧಿಕಾರಿಗಳು, ವಿವಿಧ ಸಂಘ ಸಂಸ್ಥೆಗಳ ಪ್ರಮುಖರು ಹಾಗೂ ಸಾರ್ವಜನಿಕರು ಹೆಚ್ಚಿನ ಸಂಖ್ಯೆಯಲ್ಲಿ ಭಾಗವಹಿಸಿದ್ದರು.

ಚಾಮರಾಜನಗರಕ್ಕೆ ಆಗಮಿಸಿದ ಅಖಿಲ ಭಾರತ ಕನ್ನಡ ಸಾಹಿತ್ಯ ಸಮ್ಮೇಳನದ ಪ್ರಚಾರ ರಥಕ್ಕೆ ಗಣ್ಯರು ಸ್ವಾಗತ ಕೋರಿದರು.

ಕಳಪೆ ಗುಣಮಟ್ಟದ ಉಪ್ಪು : ಅಂಗಡಿ ಮಾಲೀಕರಿಗೆ 10 ಸಾವಿರ ರೂ. ದಂಡ

ಚಾಮರಾಜನಗರ: ಕಳಪೆ ಗುಣಮಟ್ಟದ ಉಪ್ಪು ಮಾರಾಟ ಮಾಡುತ್ತಿದ್ದ ಅಂಗಡಿ ಮಾಲೀಕರಿಗೆ 10 ಸಾವಿರ ರೂ. ದಂಡ ವಿಧಿಸಲಾಗಿದೆ. ಆಹಾರ ಸುರಕ್ಷತೆ ಮತ್ತು ಗುಣಮಟ್ಟ ಪ್ರಾಧಿಕಾರದ ಅಧಿಕಾರಿಗಳು ದಾಳಿ ನಡೆಸಿ ಮಾದರಿಗಳನ್ನು ಸಂಗ್ರಹಿಸಿದ್ದರು. ಪ್ರಯೋಗಾಲಯದ ವರದಿಯಲ್ಲಿ ಉಪ್ಪು ಕಳಪೆ ಎಂದು ದೃಢಪಟ್ಟ ಹಿನ್ನೆಲೆಯಲ್ಲಿ ಕ್ರಮ ಕೈಗೊಳ್ಳಲಾಗಿದೆ. ಸಾರ್ವಜನಿಕರು ಕಳಪೆ ಆಹಾರ ಪದಾರ್ಥಗಳ ಬಗ್ಗೆ ದೂರು ನೀಡಬಹುದು ಎಂದು ಅಧಿಕಾರಿಗಳು ತಿಳಿಸಿದ್ದಾರೆ. ಆಹಾರ ಸುರಕ್ಷತೆ ಮತ್ತು ಗುಣಮಟ್ಟ ಕಾಯ್ದೆ-2006 ರ ಅಡಿಯಲ್ಲಿ ಮತ್ತು ನಿಯಮಗಳು-2011 ರಡಿಯಲ್ಲಿ ಕ್ರಮ ಜರುಗಿಸಲಾಗಿದೆ.

ಚಾಮರಾಜನಗರ: ಕಳಪೆ ಗುಣಮಟ್ಟದ ಉಪ್ಪು ಮಾರಾಟ ಮಾಡುತ್ತಿದ್ದ ಅಂಗಡಿ ಮಾಲೀಕರಿಗೆ 10 ಸಾವಿರ ರೂ. ದಂಡ ವಿಧಿಸಲಾಗಿದೆ. ಆಹಾರ ಸುರಕ್ಷತೆ ಮತ್ತು ಗುಣಮಟ್ಟ ಪ್ರಾಧಿಕಾರದ ಅಧಿಕಾರಿಗಳು ದಾಳಿ ನಡೆಸಿ ಮಾದರಿಗಳನ್ನು ಸಂಗ್ರಹಿಸಿದ್ದರು. ಪ್ರಯೋಗಾಲಯದ ವರದಿಯಲ್ಲಿ ಉಪ್ಪು ಕಳಪೆ ಎಂದು ದೃಢಪಟ್ಟ ಹಿನ್ನೆಲೆಯಲ್ಲಿ ಕ್ರಮ ಕೈಗೊಳ್ಳಲಾಗಿದೆ. ಸಾರ್ವಜನಿಕರು ಕಳಪೆ ಆಹಾರ ಪದಾರ್ಥಗಳ ಬಗ್ಗೆ ದೂರು ನೀಡಬಹುದು ಎಂದು ಅಧಿಕಾರಿಗಳು ತಿಳಿಸಿದ್ದಾರೆ. ಆಹಾರ ಸುರಕ್ಷತೆ ಮತ್ತು ಗುಣಮಟ್ಟ ಕಾಯ್ದೆ-2006 ರ ಅಡಿಯಲ್ಲಿ ಮತ್ತು ನಿಯಮಗಳು-2011 ರಡಿಯಲ್ಲಿ ಕ್ರಮ ಜರುಗಿಸಲಾಗಿದೆ.

ಚಾಮರಾಜನಗರ: ಕಳಪೆ ಗುಣಮಟ್ಟದ ಉಪ್ಪು ಮಾರಾಟ ಮಾಡುತ್ತಿದ್ದ ಅಂಗಡಿ ಮಾಲೀಕರಿಗೆ 10 ಸಾವಿರ ರೂ. ದಂಡ ವಿಧಿಸಲಾಗಿದೆ. ಆಹಾರ ಸುರಕ್ಷತೆ ಮತ್ತು ಗುಣಮಟ್ಟ ಪ್ರಾಧಿಕಾರದ ಅಧಿಕಾರಿಗಳು ದಾಳಿ ನಡೆಸಿ ಮಾದರಿಗಳನ್ನು ಸಂಗ್ರಹಿಸಿದ್ದರು. ಪ್ರಯೋಗಾಲಯದ ವರದಿಯಲ್ಲಿ ಉಪ್ಪು ಕಳಪೆ ಎಂದು ದೃಢಪಟ್ಟ ಹಿನ್ನೆಲೆಯಲ್ಲಿ ಕ್ರಮ ಕೈಗೊಳ್ಳಲಾಗಿದೆ. ಸಾರ್ವಜನಿಕರು ಕಳಪೆ ಆಹಾರ ಪದಾರ್ಥಗಳ ಬಗ್ಗೆ ದೂರು ನೀಡಬಹುದು ಎಂದು ಅಧಿಕಾರಿಗಳು ತಿಳಿಸಿದ್ದಾರೆ. ಆಹಾರ ಸುರಕ್ಷತೆ ಮತ್ತು ಗುಣಮಟ್ಟ ಕಾಯ್ದೆ-2006 ರ ಅಡಿಯಲ್ಲಿ ಮತ್ತು ನಿಯಮಗಳು-2011 ರಡಿಯಲ್ಲಿ ಕ್ರಮ ಜರುಗಿಸಲಾಗಿದೆ.

ಜಾನಪದದ ಮಹತ್ವದ ಅರಿವಿಲ್ಲ

ಚಾಮರಾಜನಗರ: ದೇಶಾದ್ಯಂತ ಜಾನಪದ ಕಲೆಗಳ ಮಹತ್ವದ ಅರಿವಿಲ್ಲದೆ ಹೋಗುತ್ತಿದೆ. ಆಧುನಿಕತೆಯ ಭರಾಟೆಯಲ್ಲಿ ನಮ್ಮ ಪರಂಪರೆ ಮರೆಯಾಗುತ್ತಿದೆ ಎಂದು 'ಜಾನಪದ ಸಂಭ್ರಮ-2024' ಕಾರ್ಯಕ್ರಮದಲ್ಲಿ ಗಣ್ಯರು ವಿಷಾದ ವ್ಯಕ್ತಪಡಿಸಿದರು.

ಗ್ರಾಮೀಣ ಪ್ರದೇಶಗಳಲ್ಲಿ ಇಂದಿಗೂ ಜಾನಪದ ಕಲೆಗಳು ಜೀವಂತವಾಗಿದ್ದು, ಅವುಗಳನ್ನು ಉಳಿಸಿ ಬೆಳೆಸುವ ಕಾರ್ಯ ಆಗಬೇಕಿದೆ. ಯುವ ಪೀಳಿಗೆಗೆ ಜಾನಪದದ ಸೊಗಡನ್ನು ಪರಿಚಯಿಸಬೇಕು ಎಂದು ಹೇಳಿದರು.

ಕಾರ್ಯಕ್ರಮದಲ್ಲಿ ವಿವಿಧ ಶಾಲಾ ಕಾಲೇಜುಗಳ ವಿದ್ಯಾರ್ಥಿಗಳು ಜಾನಪದ ನೃತ್ಯ, ಗೀತೆ ಪ್ರದರ್ಶಿಸಿದರು. ಕಲಾವಿದರಿಗೆ ಸನ್ಮಾನ ಮಾಡಲಾಯಿತು. ಹಲವಾರು ಕಲಾ ತಂಡಗಳು ಭಾಗವಹಿಸಿದ್ದವು.

ಸಂಘ ಸಂಸ್ಥೆಗಳ ಪ್ರಮುಖರು, ಶಿಕ್ಷಕರು, ಪೋಷಕರು ಹಾಗೂ ಸಾರ್ವಜನಿಕರು ಹೆಚ್ಚಿನ ಸಂಖ್ಯೆಯಲ್ಲಿ ಉಪಸ್ಥಿತರಿದ್ದರು. ಕೊನೆಯಲ್ಲಿ ವಂದನಾರ್ಪಣೆ ನೆರವೇರಿಸಲಾಯಿತು.

ಆಂತರಿಕವಾಗಿ ಹಿಂದುಳಿದಿದ್ದೇವೆ: ರೂಪಾ

ಚಾಮರಾಜನಗರ: ನಾವು ಆಂತರಿಕವಾಗಿ ಹಿಂದುಳಿದಿದ್ದೇವೆ. ಬಾಹ್ಯ ರಂಗಳಲ್ಲಿ ಮಾತ್ರ ಬೆಳೆದಿದ್ದೇವೆ. ಮಾನಸಿಕವಾಗಿ ಸದೃಢರಾಗಬೇಕು ಎಂದು ಹಿರಿಯ ಅಧಿಕಾರಿ ರೂಪಾ ಅವರು ಅಭಿಪ್ರಾಯಪಟ್ಟರು.

2025 ಡಿಸೆಂಬರ್ ವೇಳೆಗೆ ಹಲವು ಯೋಜನೆಗಳನ್ನು ಪೂರ್ಣಗೊಳಿಸುವ ಗುರಿ ಇದೆ. ಮಹಿಳೆಯರು ಆರ್ಥಿಕವಾಗಿ ಸ್ವಾವಲಂಬಿಗಳಾಗಬೇಕು ಎಂದು ಕರೆ ನೀಡಿದರು.

ಈ ಸಂದರ್ಭದಲ್ಲಿ ಸಾಧಕರನ್ನು ಸನ್ಮಾನಿಸಲಾಯಿತು. ವಿದ್ಯಾರ್ಥಿಗಳಿಗೆ ಪ್ರಶಸ್ತಿ ಪತ್ರಗಳನ್ನು ವಿತರಿಸಲಾಯಿತು. ಸಾಂಸ್ಕೃತಿಕ ಕಾರ್ಯಕ್ರಮಗಳು ನಡೆದವು.

ಈ ಸಂದರ್ಭದಲ್ಲಿ 2025 ನೇ ಸಾಲಿನ ಕಾರ್ಯಕ್ರಮಗಳ ಬಗ್ಗೆ ಚರ್ಚಿಸಲಾಯಿತು. ವಿವಿಧ ಇಲಾಖೆಗಳ ಅಧಿಕಾರಿಗಳು, ಸಂಘ ಸಂಸ್ಥೆಗಳ ಪದಾಧಿಕಾರಿಗಳು ಹಾಗೂ ಸಾರ್ವಜನಿಕರು ಭಾಗವಹಿಸಿದ್ದರು.
